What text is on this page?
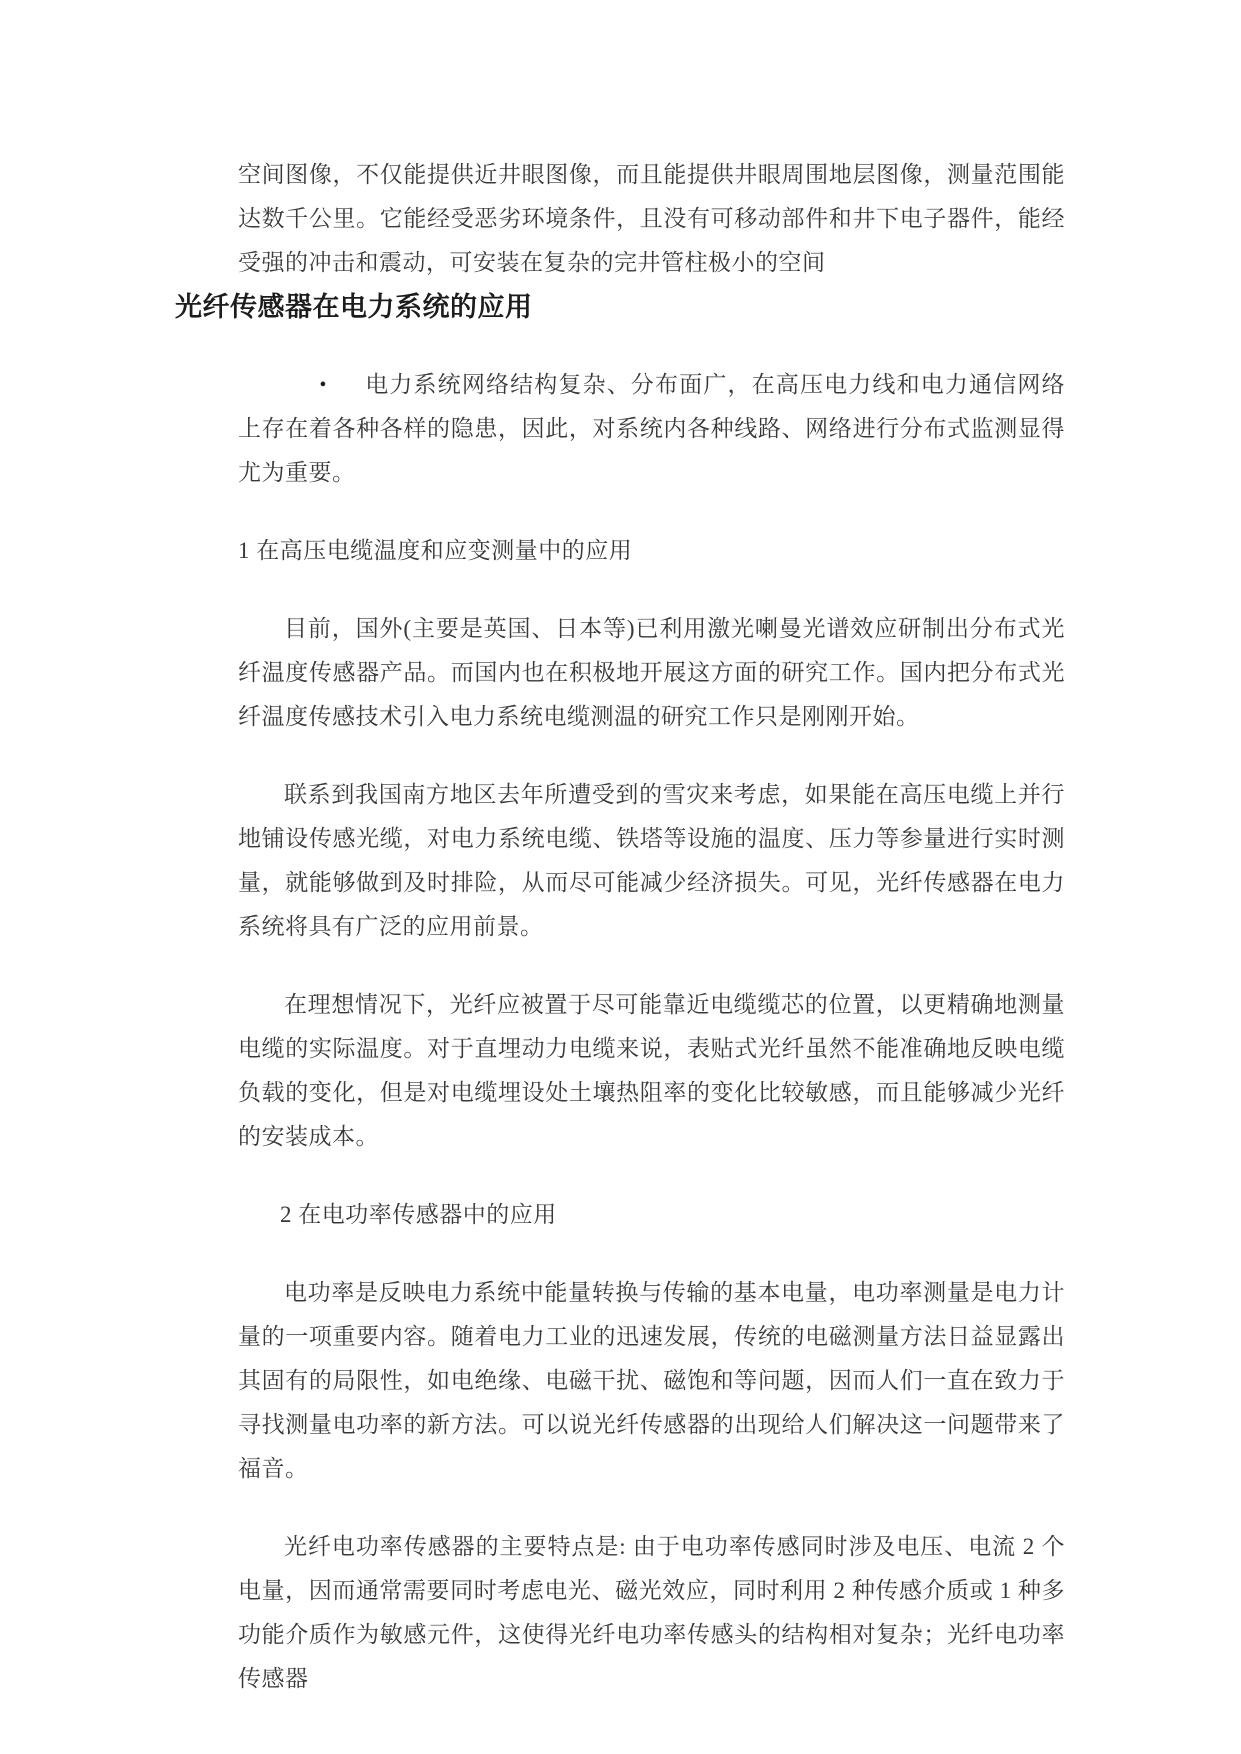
空间图像，不仅能提供近井眼图像，而且能提供井眼周围地层图像，测量范围能达数千公里。它能经受恶劣环境条件，且没有可移动部件和井下电子器件，能经受强的冲击和震动，可安装在复杂的完井管柱极小的空间

光纤传感器在电力系统的应用

• 电力系统网络结构复杂、分布面广，在高压电力线和电力通信网络上存在着各种各样的隐患，因此，对系统内各种线路、网络进行分布式监测显得尤为重要。

1 在高压电缆温度和应变测量中的应用

目前，国外(主要是英国、日本等)已利用激光喇曼光谱效应研制出分布式光纤温度传感器产品。而国内也在积极地开展这方面的研究工作。国内把分布式光纤温度传感技术引入电力系统电缆测温的研究工作只是刚刚开始。

联系到我国南方地区去年所遭受到的雪灾来考虑，如果能在高压电缆上并行地铺设传感光缆，对电力系统电缆、铁塔等设施的温度、压力等参量进行实时测量，就能够做到及时排险，从而尽可能减少经济损失。可见，光纤传感器在电力系统将具有广泛的应用前景。

在理想情况下，光纤应被置于尽可能靠近电缆缆芯的位置，以更精确地测量电缆的实际温度。对于直埋动力电缆来说，表贴式光纤虽然不能准确地反映电缆负载的变化，但是对电缆埋设处土壤热阻率的变化比较敏感，而且能够减少光纤的安装成本。

2 在电功率传感器中的应用

电功率是反映电力系统中能量转换与传输的基本电量，电功率测量是电力计量的一项重要内容。随着电力工业的迅速发展，传统的电磁测量方法日益显露出其固有的局限性，如电绝缘、电磁干扰、磁饱和等问题，因而人们一直在致力于寻找测量电功率的新方法。可以说光纤传感器的出现给人们解决这一问题带来了福音。

光纤电功率传感器的主要特点是: 由于电功率传感同时涉及电压、电流 2 个电量，因而通常需要同时考虑电光、磁光效应，同时利用 2 种传感介质或 1 种多功能介质作为敏感元件，这使得光纤电功率传感头的结构相对复杂；光纤电功率传感器
